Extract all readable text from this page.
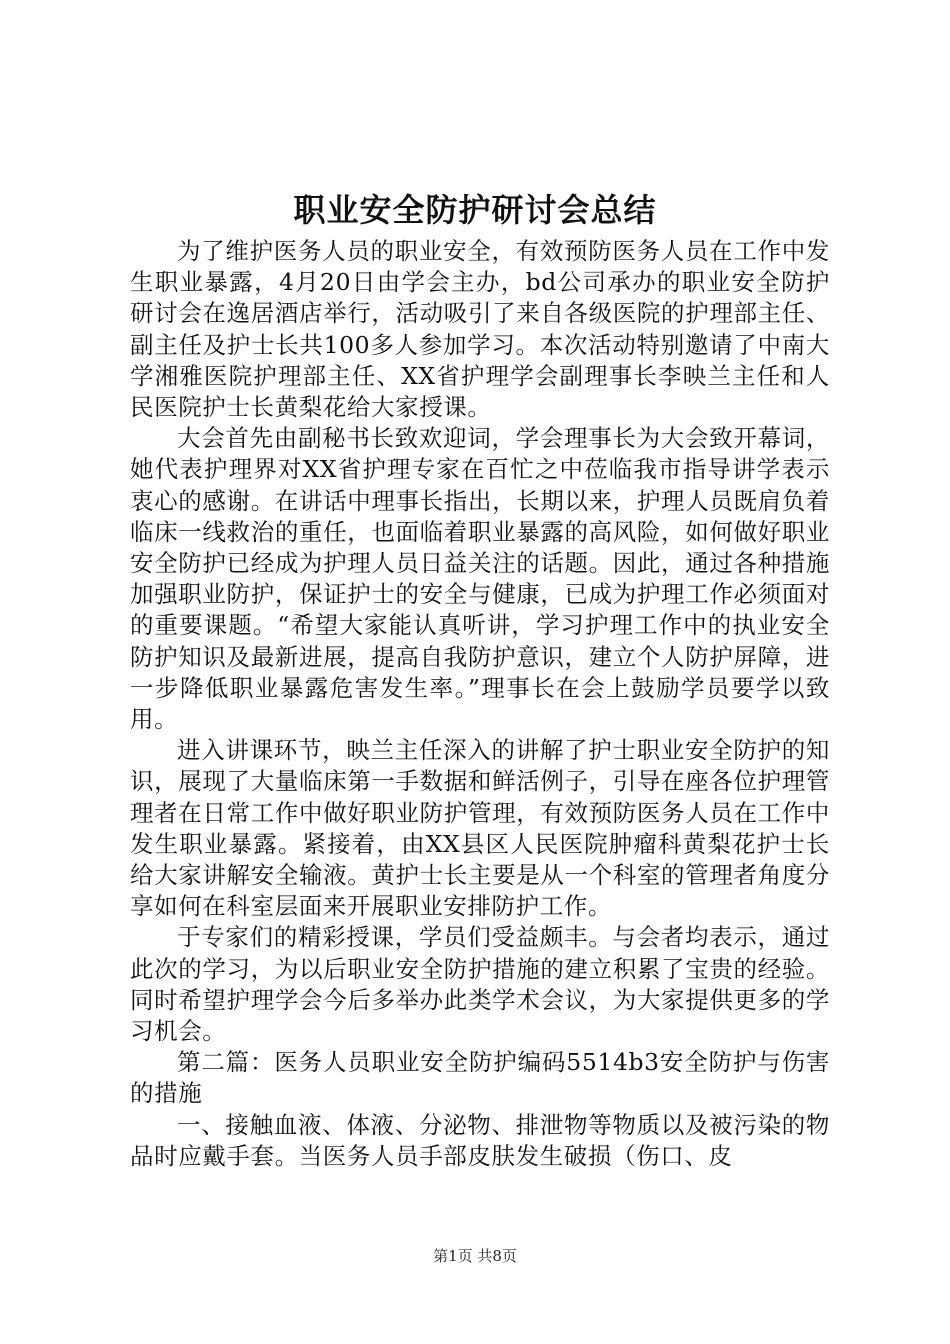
职业安全防护研讨会总结

为了维护医务人员的职业安全，有效预防医务人员在工作中发生职业暴露，4月20日由学会主办，bd公司承办的职业安全防护研讨会在逸居酒店举行，活动吸引了来自各级医院的护理部主任、副主任及护士长共100多人参加学习。本次活动特别邀请了中南大学湘雅医院护理部主任、XX省护理学会副理事长李映兰主任和人民医院护士长黄梨花给大家授课。

大会首先由副秘书长致欢迎词，学会理事长为大会致开幕词，她代表护理界对XX省护理专家在百忙之中莅临我市指导讲学表示衷心的感谢。在讲话中理事长指出，长期以来，护理人员既肩负着临床一线救治的重任，也面临着职业暴露的高风险，如何做好职业安全防护已经成为护理人员日益关注的话题。因此，通过各种措施加强职业防护，保证护士的安全与健康，已成为护理工作必须面对的重要课题。“希望大家能认真听讲，学习护理工作中的执业安全防护知识及最新进展，提高自我防护意识，建立个人防护屏障，进一步降低职业暴露危害发生率。”理事长在会上鼓励学员要学以致用。

进入讲课环节，映兰主任深入的讲解了护士职业安全防护的知识，展现了大量临床第一手数据和鲜活例子，引导在座各位护理管理者在日常工作中做好职业防护管理，有效预防医务人员在工作中发生职业暴露。紧接着，由XX县区人民医院肿瘤科黄梨花护士长给大家讲解安全输液。黄护士长主要是从一个科室的管理者角度分享如何在科室层面来开展职业安排防护工作。

于专家们的精彩授课，学员们受益颇丰。与会者均表示，通过此次的学习，为以后职业安全防护措施的建立积累了宝贵的经验。同时希望护理学会今后多举办此类学术会议，为大家提供更多的学习机会。

第二篇：医务人员职业安全防护编码5514b3安全防护与伤害的措施

一、接触血液、体液、分泌物、排泄物等物质以及被污染的物品时应戴手套。当医务人员手部皮肤发生破损（伤口、皮

第1页 共8页
